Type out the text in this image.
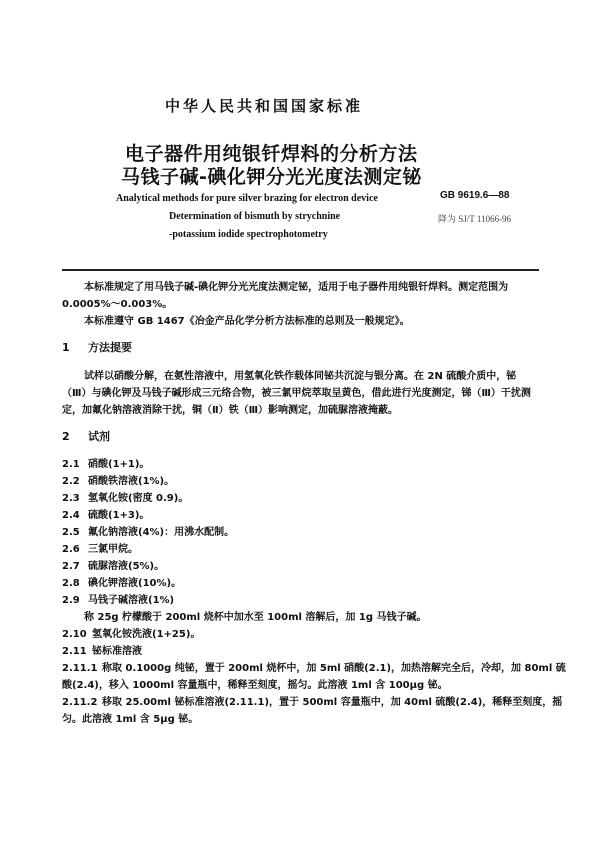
中华人民共和国国家标准
电子器件用纯银钎焊料的分析方法
马钱子碱-碘化钾分光光度法测定铋
Analytical methods for pure silver brazing for electron device
Determination of bismuth by strychnine
-potassium iodide spectrophotometry
GB 9619.6—88
降为 SJ/T 11066-96
本标准规定了用马钱子碱-碘化钾分光光度法测定铋，适用于电子器件用纯银钎焊料。测定范围为
0.0005%～0.003%。
本标准遵守 GB 1467《冶金产品化学分析方法标准的总则及一般规定》。
1 方法提要
试样以硝酸分解，在氨性溶液中，用氢氧化铁作载体同铋共沉淀与银分离。在 2N 硫酸介质中，铋
（Ⅲ）与碘化钾及马钱子碱形成三元络合物，被三氯甲烷萃取呈黄色，借此进行光度测定，锑（Ⅲ）干扰测
定，加氟化钠溶液消除干扰，铜（Ⅱ）铁（Ⅲ）影响测定，加硫脲溶液掩蔽。
2 试剂
2.1 硝酸(1+1)。
2.2 硝酸铁溶液(1%)。
2.3 氢氧化铵(密度 0.9)。
2.4 硫酸(1+3)。
2.5 氟化钠溶液(4%)：用沸水配制。
2.6 三氯甲烷。
2.7 硫脲溶液(5%)。
2.8 碘化钾溶液(10%)。
2.9 马钱子碱溶液(1%)
称 25g 柠檬酸于 200ml 烧杯中加水至 100ml 溶解后，加 1g 马钱子碱。
2.10 氢氧化铵洗液(1+25)。
2.11 铋标准溶液
2.11.1 称取 0.1000g 纯铋，置于 200ml 烧杯中，加 5ml 硝酸(2.1)，加热溶解完全后，冷却，加 80ml 硫
酸(2.4)，移入 1000ml 容量瓶中，稀释至刻度，摇匀。此溶液 1ml 含 100μg 铋。
2.11.2 移取 25.00ml 铋标准溶液(2.11.1)，置于 500ml 容量瓶中，加 40ml 硫酸(2.4)，稀释至刻度，摇
匀。此溶液 1ml 含 5μg 铋。
